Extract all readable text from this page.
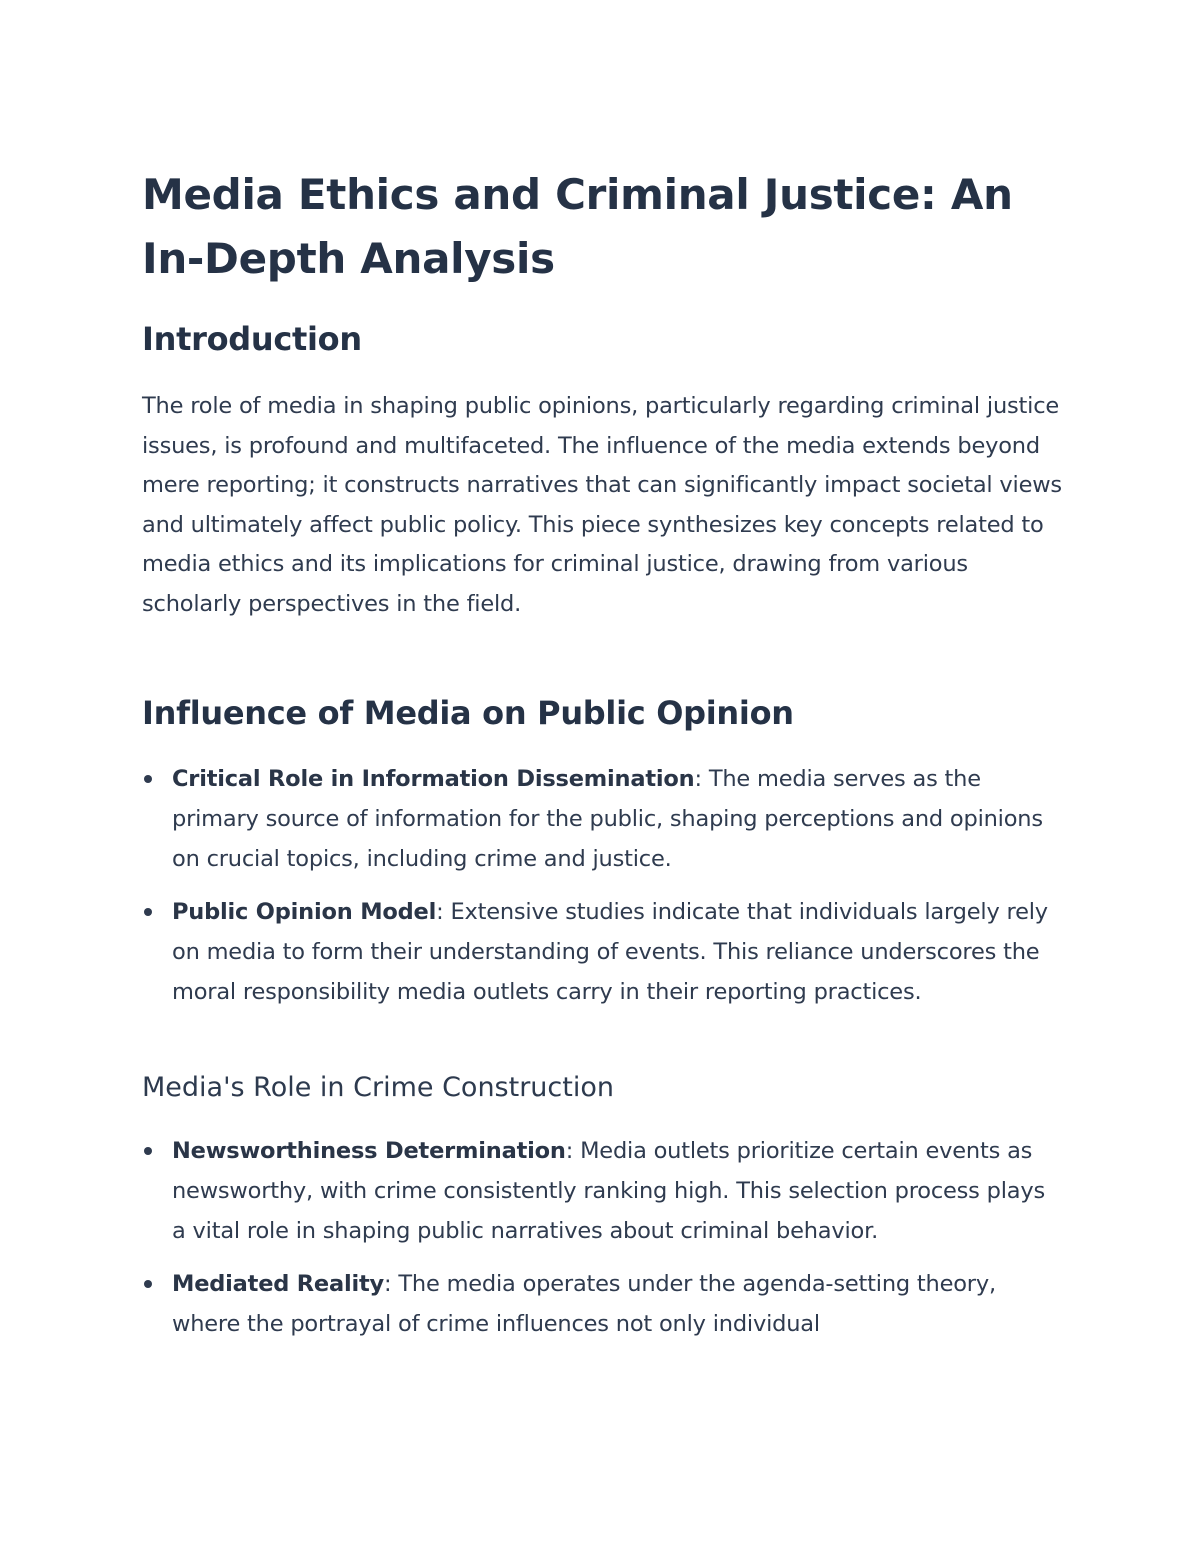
Media Ethics and Criminal Justice: An In-Depth Analysis
Introduction

The role of media in shaping public opinions, particularly regarding criminal justice issues, is profound and multifaceted. The influence of the media extends beyond mere reporting; it constructs narratives that can significantly impact societal views and ultimately affect public policy. This piece synthesizes key concepts related to media ethics and its implications for criminal justice, drawing from various scholarly perspectives in the field.

Influence of Media on Public Opinion
Critical Role in Information Dissemination: The media serves as the primary source of information for the public, shaping perceptions and opinions on crucial topics, including crime and justice.
Public Opinion Model: Extensive studies indicate that individuals largely rely on media to form their understanding of events. This reliance underscores the moral responsibility media outlets carry in their reporting practices.
Media's Role in Crime Construction
Newsworthiness Determination: Media outlets prioritize certain events as newsworthy, with crime consistently ranking high. This selection process plays a vital role in shaping public narratives about criminal behavior.
Mediated Reality: The media operates under the agenda-setting theory, where the portrayal of crime influences not only individual
